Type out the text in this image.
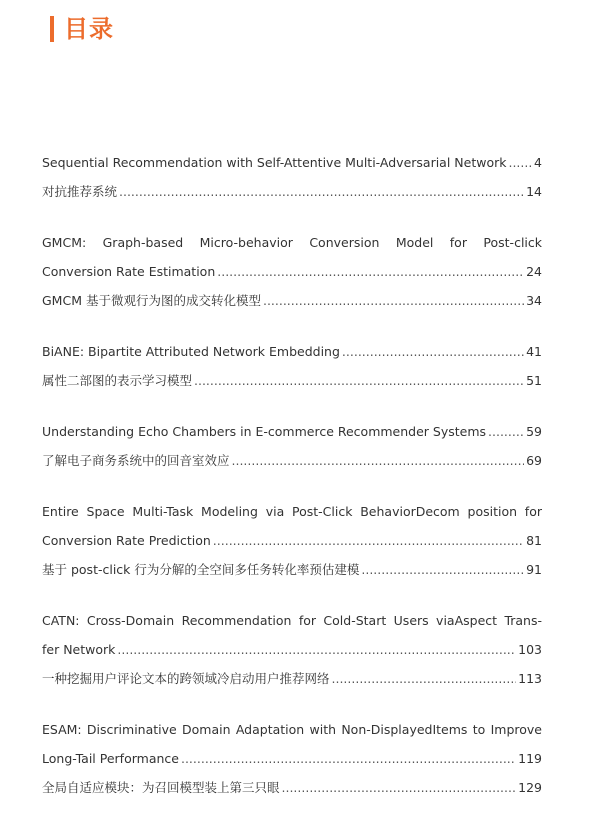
目录
Sequential Recommendation with Self-Attentive Multi-Adversarial Network ..... 4
对抗推荐系统 .....	14
GMCM: Graph-based Micro-behavior Conversion Model for Post-click
Conversion Rate Estimation .....	24
GMCM 基于微观行为图的成交转化模型 .....	34
BiANE: Bipartite Attributed Network Embedding .....	41
属性二部图的表示学习模型 .....	51
Understanding Echo Chambers in E-commerce Recommender Systems .....	59
了解电子商务系统中的回音室效应 .....	69
Entire Space Multi-Task Modeling via Post-Click BehaviorDecom position for
Conversion Rate Prediction .....	81
基于 post-click 行为分解的全空间多任务转化率预估建模 .....	91
CATN: Cross-Domain Recommendation for Cold-Start Users viaAspect Trans-
fer Network .....	103
一种挖掘用户评论文本的跨领域冷启动用户推荐网络 .....	113
ESAM: Discriminative Domain Adaptation with Non-DisplayedItems to Improve
Long-Tail Performance .....	119
全局自适应模块：为召回模型装上第三只眼 .....	129
